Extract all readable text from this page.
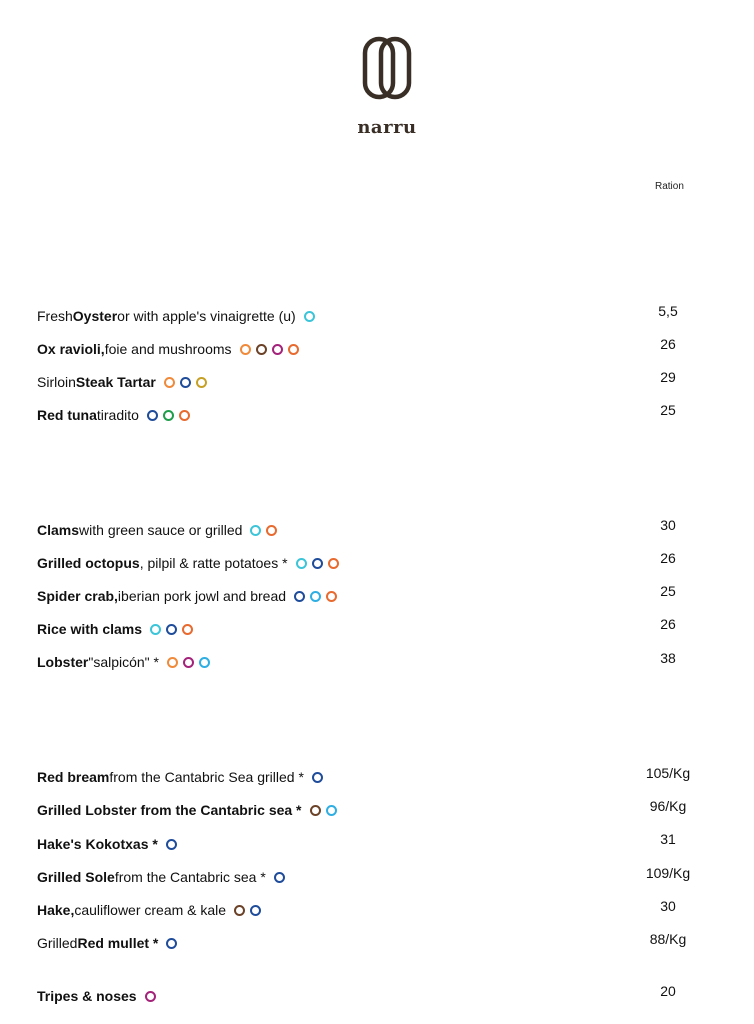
narru
Ration
Fresh Oyster or with apple's vinaigrette (u)	5,5
Ox ravioli, foie and mushrooms	26
Sirloin Steak Tartar	29
Red tuna tiradito	25
Clams with green sauce or grilled	30
Grilled octopus , pilpil & ratte potatoes *	26
Spider crab, iberian pork jowl and bread	25
Rice with clams	26
Lobster "salpicón" *	38
Red bream from the Cantabric Sea grilled *	105/Kg
Grilled Lobster from the Cantabric sea *	96/Kg
Hake's Kokotxas *	31
Grilled Sole from the Cantabric sea *	109/Kg
Hake, cauliflower cream & kale	30
Grilled Red mullet *	88/Kg
Tripes & noses	20
